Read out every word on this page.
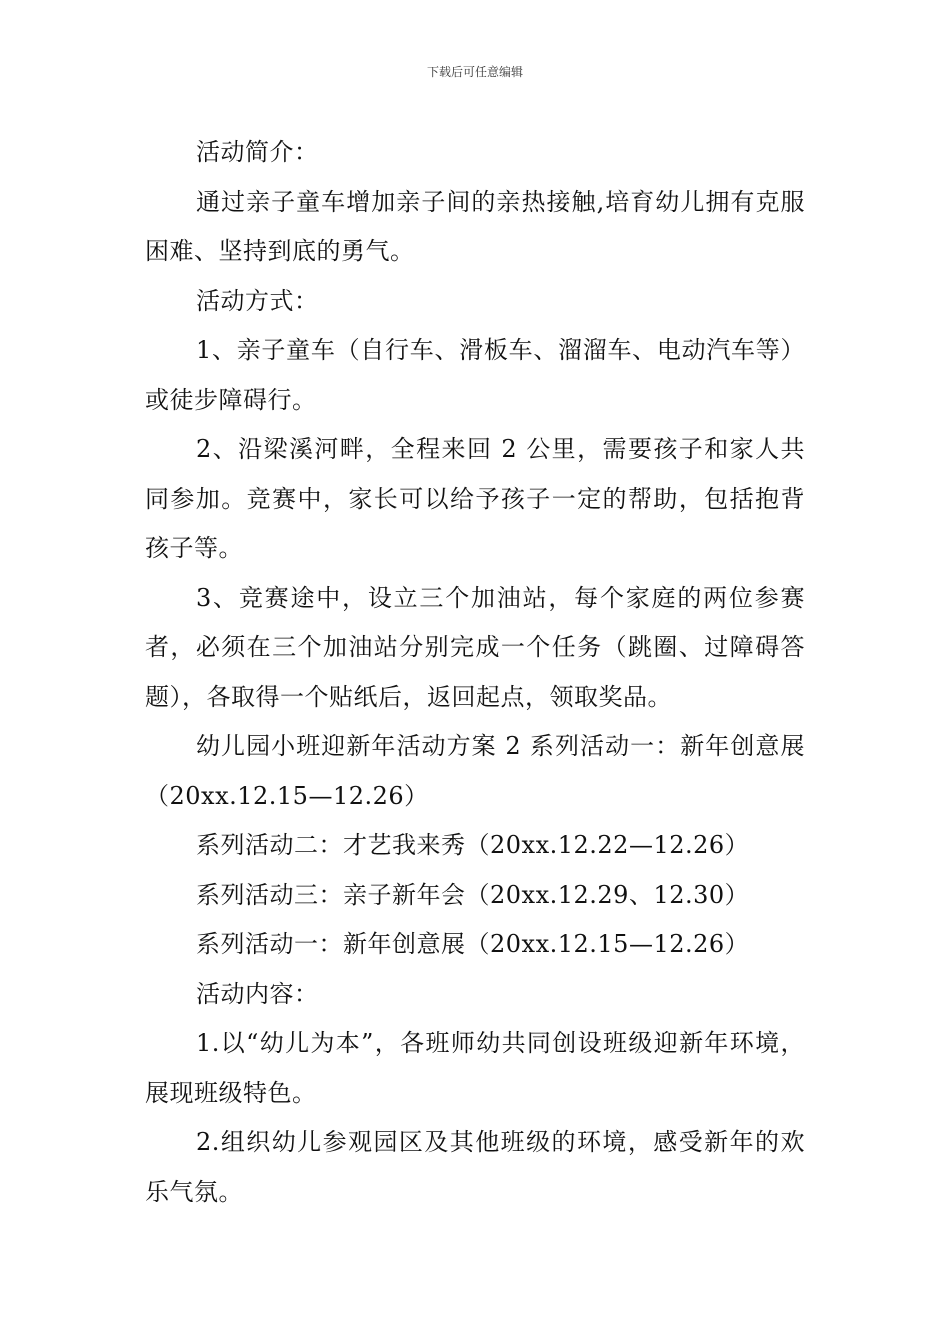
下载后可任意编辑

活动简介：

通过亲子童车增加亲子间的亲热接触,培育幼儿拥有克服困难、坚持到底的勇气。

活动方式：

1、亲子童车（自行车、滑板车、溜溜车、电动汽车等）或徒步障碍行。

2、沿梁溪河畔，全程来回 2 公里，需要孩子和家人共同参加。竞赛中，家长可以给予孩子一定的帮助，包括抱背孩子等。

3、竞赛途中，设立三个加油站，每个家庭的两位参赛者，必须在三个加油站分别完成一个任务（跳圈、过障碍答题），各取得一个贴纸后，返回起点，领取奖品。

幼儿园小班迎新年活动方案 2 系列活动一：新年创意展（20xx.12.15—12.26）

系列活动二：才艺我来秀（20xx.12.22—12.26）

系列活动三：亲子新年会（20xx.12.29、12.30）

系列活动一：新年创意展（20xx.12.15—12.26）

活动内容：

1.以“幼儿为本”，各班师幼共同创设班级迎新年环境，展现班级特色。

2.组织幼儿参观园区及其他班级的环境，感受新年的欢乐气氛。
